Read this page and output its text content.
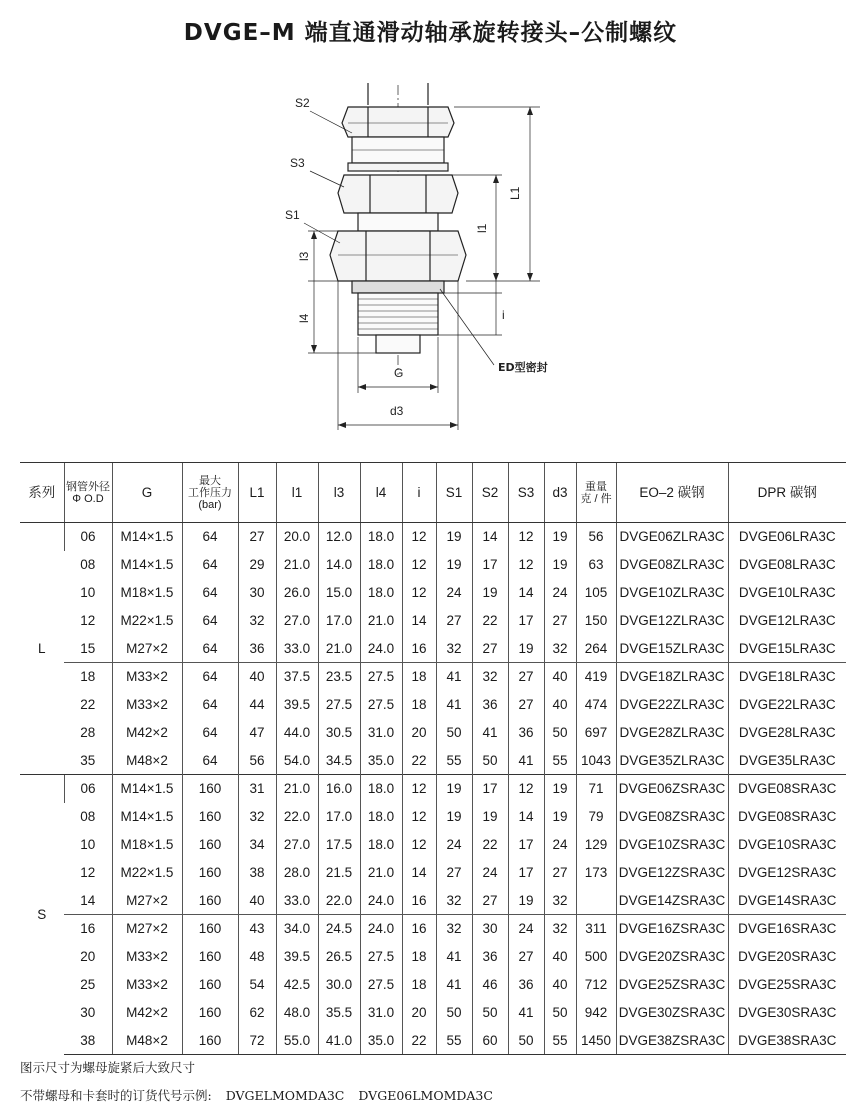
DVGE–M 端直通滑动轴承旋转接头–公制螺纹
S2
S3
S1
l3
l4
L1
l1
i
G
d3
ED型密封
系列	钢管外径
Φ O.D	G	最大
工作压力
(bar)	L1	l1	l3	l4	i	S1	S2	S3	d3	重量
克 / 件	EO–2 碳钢	DPR 碳钢
L	06	M14×1.5	64	27	20.0	12.0	18.0	12	19	14	12	19	56	DVGE06ZLRA3C	DVGE06LRA3C
	08	M14×1.5	64	29	21.0	14.0	18.0	12	19	17	12	19	63	DVGE08ZLRA3C	DVGE08LRA3C
	10	M18×1.5	64	30	26.0	15.0	18.0	12	24	19	14	24	105	DVGE10ZLRA3C	DVGE10LRA3C
	12	M22×1.5	64	32	27.0	17.0	21.0	14	27	22	17	27	150	DVGE12ZLRA3C	DVGE12LRA3C
	15	M27×2	64	36	33.0	21.0	24.0	16	32	27	19	32	264	DVGE15ZLRA3C	DVGE15LRA3C
	18	M33×2	64	40	37.5	23.5	27.5	18	41	32	27	40	419	DVGE18ZLRA3C	DVGE18LRA3C
	22	M33×2	64	44	39.5	27.5	27.5	18	41	36	27	40	474	DVGE22ZLRA3C	DVGE22LRA3C
	28	M42×2	64	47	44.0	30.5	31.0	20	50	41	36	50	697	DVGE28ZLRA3C	DVGE28LRA3C
	35	M48×2	64	56	54.0	34.5	35.0	22	55	50	41	55	1043	DVGE35ZLRA3C	DVGE35LRA3C
S	06	M14×1.5	160	31	21.0	16.0	18.0	12	19	17	12	19	71	DVGE06ZSRA3C	DVGE08SRA3C
	08	M14×1.5	160	32	22.0	17.0	18.0	12	19	19	14	19	79	DVGE08ZSRA3C	DVGE08SRA3C
	10	M18×1.5	160	34	27.0	17.5	18.0	12	24	22	17	24	129	DVGE10ZSRA3C	DVGE10SRA3C
	12	M22×1.5	160	38	28.0	21.5	21.0	14	27	24	17	27	173	DVGE12ZSRA3C	DVGE12SRA3C
	14	M27×2	160	40	33.0	22.0	24.0	16	32	27	19	32		DVGE14ZSRA3C	DVGE14SRA3C
	16	M27×2	160	43	34.0	24.5	24.0	16	32	30	24	32	311	DVGE16ZSRA3C	DVGE16SRA3C
	20	M33×2	160	48	39.5	26.5	27.5	18	41	36	27	40	500	DVGE20ZSRA3C	DVGE20SRA3C
	25	M33×2	160	54	42.5	30.0	27.5	18	41	46	36	40	712	DVGE25ZSRA3C	DVGE25SRA3C
	30	M42×2	160	62	48.0	35.5	31.0	20	50	50	41	50	942	DVGE30ZSRA3C	DVGE30SRA3C
	38	M48×2	160	72	55.0	41.0	35.0	22	55	60	50	55	1450	DVGE38ZSRA3C	DVGE38SRA3C
图示尺寸为螺母旋紧后大致尺寸
不带螺母和卡套时的订货代号示例: DVGELMOMDA3C DVGE06LMOMDA3C
